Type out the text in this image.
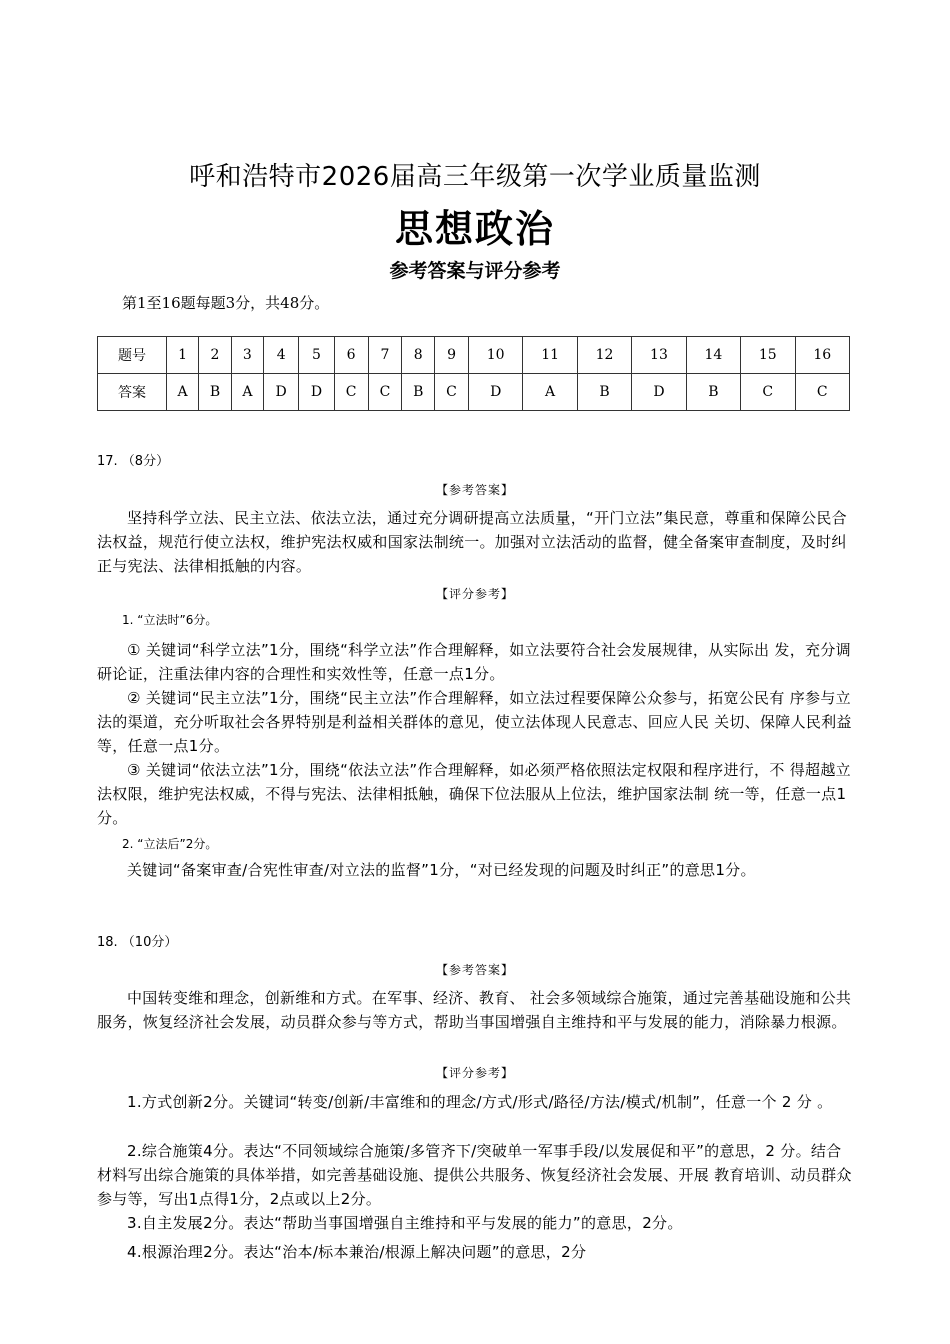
呼和浩特市2026届高三年级第一次学业质量监测
思想政治
参考答案与评分参考
第1至16题每题3分，共48分。
题号	1	2	3	4	5	6	7	8	9	10	11	12	13	14	15	16
答案	A	B	A	D	D	C	C	B	C	D	A	B	D	B	C	C
17. （8分）
【参考答案】
坚持科学立法、民主立法、依法立法，通过充分调研提高立法质量，“开门立法”集民意，尊重和保障公民合法权益，规范行使立法权，维护宪法权威和国家法制统一。加强对立法活动的监督，健全备案审查制度，及时纠正与宪法、法律相抵触的内容。
【评分参考】
1. “立法时”6分。
① 关键词“科学立法”1分，围绕“科学立法”作合理解释，如立法要符合社会发展规律，从实际出 发，充分调研论证，注重法律内容的合理性和实效性等，任意一点1分。
② 关键词“民主立法”1分，围绕“民主立法”作合理解释，如立法过程要保障公众参与，拓宽公民有 序参与立法的渠道，充分听取社会各界特别是利益相关群体的意见，使立法体现人民意志、回应人民 关切、保障人民利益等，任意一点1分。
③ 关键词“依法立法”1分，围绕“依法立法”作合理解释，如必须严格依照法定权限和程序进行，不 得超越立法权限，维护宪法权威，不得与宪法、法律相抵触，确保下位法服从上位法，维护国家法制 统一等，任意一点1分。
2. “立法后”2分。
关键词“备案审查/合宪性审查/对立法的监督”1分，“对已经发现的问题及时纠正”的意思1分。
18. （10分）
【参考答案】
中国转变维和理念，创新维和方式。在军事、经济、教育、 社会多领域综合施策，通过完善基础设施和公共服务，恢复经济社会发展，动员群众参与等方式，帮助当事国增强自主维持和平与发展的能力，消除暴力根源。
【评分参考】
1.方式创新2分。关键词“转变/创新/丰富维和的理念/方式/形式/路径/方法/模式/机制”，任意一个 2 分 。
2.综合施策4分。表达“不同领域综合施策/多管齐下/突破单一军事手段/以发展促和平”的意思，2 分。结合材料写出综合施策的具体举措，如完善基础设施、提供公共服务、恢复经济社会发展、开展 教育培训、动员群众参与等，写出1点得1分，2点或以上2分。
3.自主发展2分。表达“帮助当事国增强自主维持和平与发展的能力”的意思，2分。
4.根源治理2分。表达“治本/标本兼治/根源上解决问题”的意思，2分
